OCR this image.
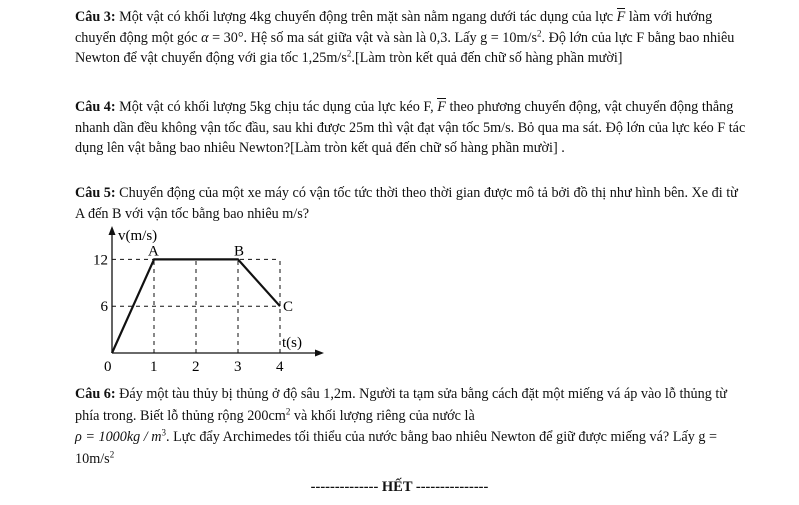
Câu 3: Một vật có khối lượng 4kg chuyển động trên mặt sàn nằm ngang dưới tác dụng của lực F làm với hướng chuyển động một góc α = 30°. Hệ số ma sát giữa vật và sàn là 0,3. Lấy $g = 10m/s^2$. Độ lớn của lực F bằng bao nhiêu Newton để vật chuyển động với gia tốc $1,25m/s^2.[Làm$ tròn kết quả đến chữ số hàng phần mười]
Câu 4: Một vật có khối lượng 5kg chịu tác dụng của lực kéo F, F theo phương chuyển động, vật chuyển động thẳng nhanh dần đều không vận tốc đầu, sau khi được 25m thì vật đạt vận tốc 5m/s. Bỏ qua ma sát. Độ lớn của lực kéo F tác dụng lên vật bằng bao nhiêu Newton?[Làm tròn kết quả đến chữ số hàng phần mười] .
Câu 5: Chuyển động của một xe máy có vận tốc tức thời theo thời gian được mô tả bởi đồ thị như hình bên. Xe đi từ A đến B với vận tốc bằng bao nhiêu m/s?
v(m/s)
t(s)
0	1 2 3 4
6
12
A	B
C
Câu 6: Đáy một tàu thủy bị thủng ở độ sâu 1,2m. Người ta tạm sửa bằng cách đặt một miếng vá áp vào lỗ thủng từ phía trong. Biết lỗ thủng rộng $200cm^2$ và khối lượng riêng của nước là
$\rho = 1000kg / m^3$. Lực đẩy Archimedes tối thiểu của nước bằng bao nhiêu Newton để giữ được miếng vá? Lấy $g = 10m/s^2$
-------------- HẾT ---------------
